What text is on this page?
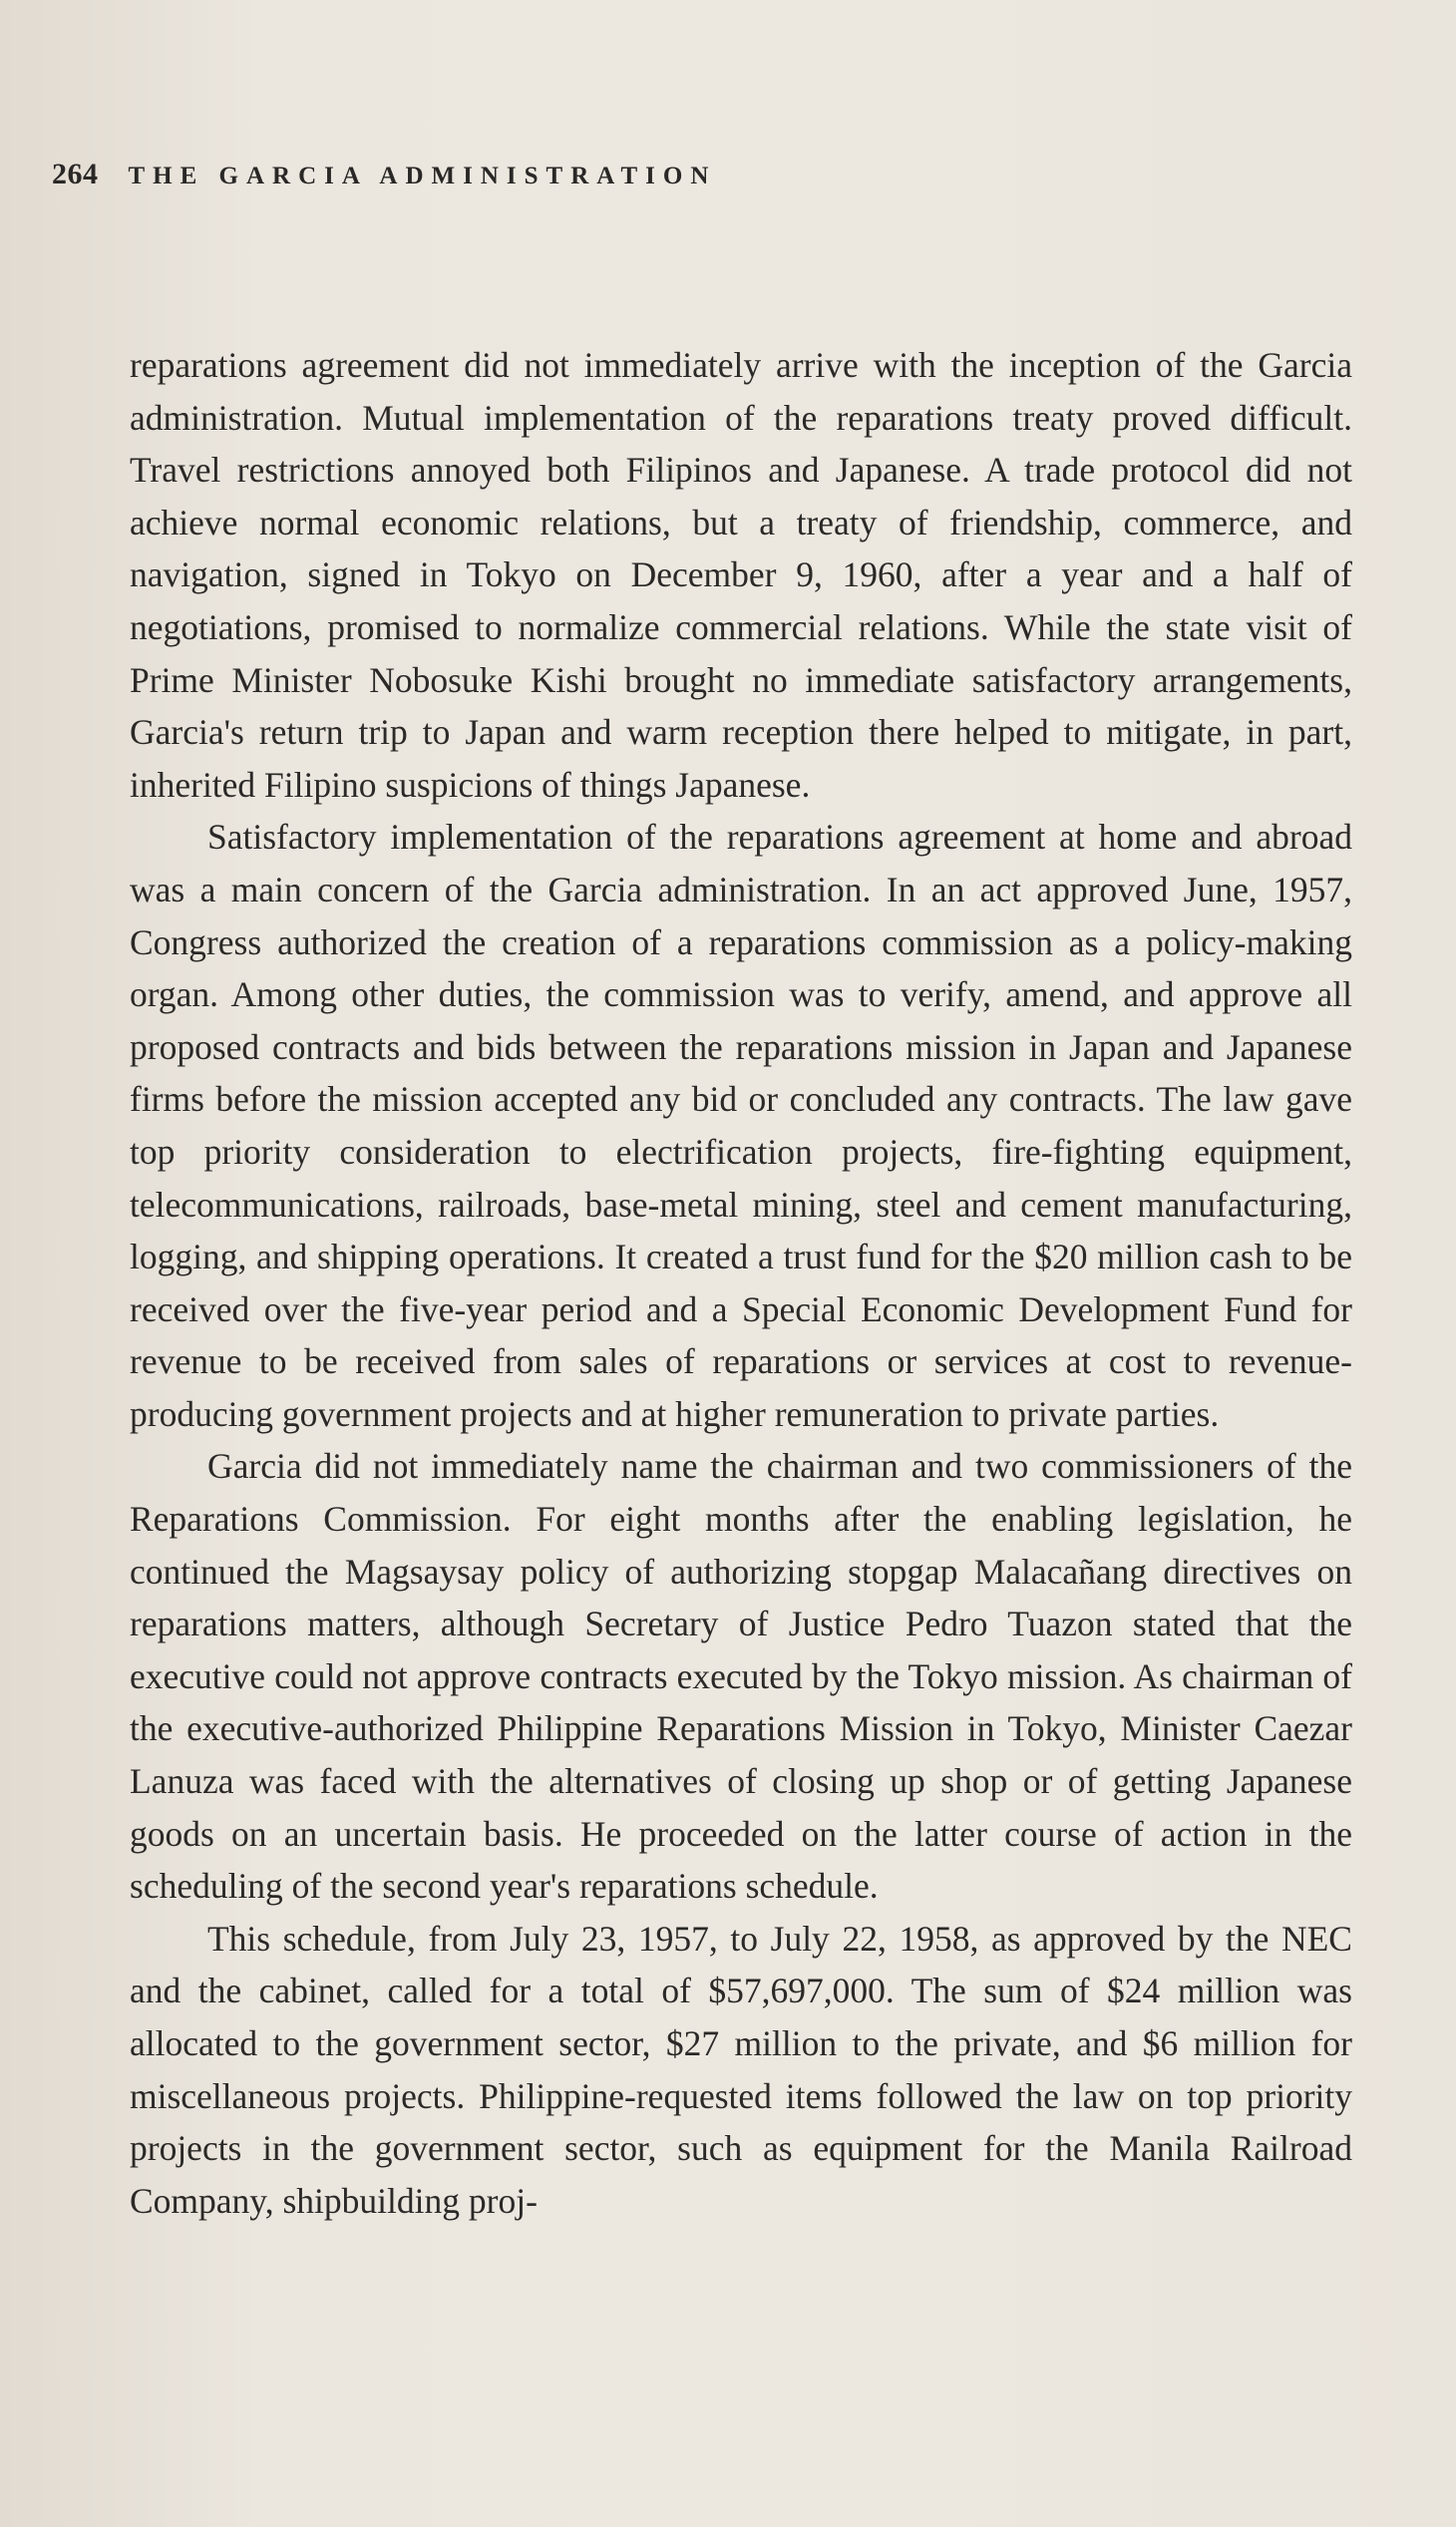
264 THE GARCIA ADMINISTRATION

reparations agreement did not immediately arrive with the inception of the Garcia administration. Mutual implementation of the reparations treaty proved difficult. Travel restrictions annoyed both Filipinos and Japanese. A trade protocol did not achieve normal economic relations, but a treaty of friendship, commerce, and navigation, signed in Tokyo on December 9, 1960, after a year and a half of negotiations, promised to normalize commercial relations. While the state visit of Prime Minister Nobosuke Kishi brought no immediate satisfactory arrangements, Garcia's return trip to Japan and warm reception there helped to mitigate, in part, inherited Filipino suspicions of things Japanese.

Satisfactory implementation of the reparations agreement at home and abroad was a main concern of the Garcia administration. In an act approved June, 1957, Congress authorized the creation of a reparations commission as a policy-making organ. Among other duties, the commission was to verify, amend, and approve all proposed contracts and bids between the reparations mission in Japan and Japanese firms before the mission accepted any bid or concluded any contracts. The law gave top priority consideration to electrification projects, fire-fighting equipment, telecommunications, railroads, base-metal mining, steel and cement manufacturing, logging, and shipping operations. It created a trust fund for the $20 million cash to be received over the five-year period and a Special Economic Development Fund for revenue to be received from sales of reparations or services at cost to revenue-producing government projects and at higher remuneration to private parties.

Garcia did not immediately name the chairman and two commissioners of the Reparations Commission. For eight months after the enabling legislation, he continued the Magsaysay policy of authorizing stopgap Malacañang directives on reparations matters, although Secretary of Justice Pedro Tuazon stated that the executive could not approve contracts executed by the Tokyo mission. As chairman of the executive-authorized Philippine Reparations Mission in Tokyo, Minister Caezar Lanuza was faced with the alternatives of closing up shop or of getting Japanese goods on an uncertain basis. He proceeded on the latter course of action in the scheduling of the second year's reparations schedule.

This schedule, from July 23, 1957, to July 22, 1958, as approved by the NEC and the cabinet, called for a total of $57,697,000. The sum of $24 million was allocated to the government sector, $27 million to the private, and $6 million for miscellaneous projects. Philippine-requested items followed the law on top priority projects in the government sector, such as equipment for the Manila Railroad Company, shipbuilding proj-
